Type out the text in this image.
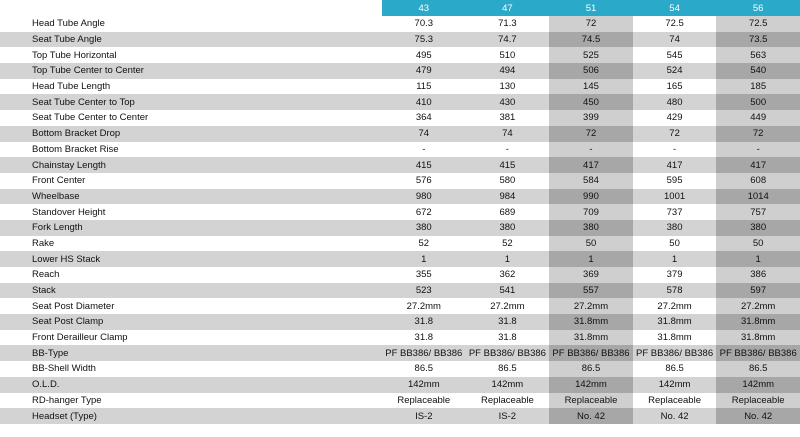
	43	47	51	54	56
Head Tube Angle	70.3	71.3	72	72.5	72.5
Seat Tube Angle	75.3	74.7	74.5	74	73.5
Top Tube Horizontal	495	510	525	545	563
Top Tube Center to Center	479	494	506	524	540
Head Tube Length	115	130	145	165	185
Seat Tube Center to Top	410	430	450	480	500
Seat Tube Center to Center	364	381	399	429	449
Bottom Bracket Drop	74	74	72	72	72
Bottom Bracket Rise	-	-	-	-	-
Chainstay Length	415	415	417	417	417
Front Center	576	580	584	595	608
Wheelbase	980	984	990	1001	1014
Standover Height	672	689	709	737	757
Fork Length	380	380	380	380	380
Rake	52	52	50	50	50
Lower HS Stack	1	1	1	1	1
Reach	355	362	369	379	386
Stack	523	541	557	578	597
Seat Post Diameter	27.2mm	27.2mm	27.2mm	27.2mm	27.2mm
Seat Post Clamp	31.8	31.8	31.8mm	31.8mm	31.8mm
Front Derailleur Clamp	31.8	31.8	31.8mm	31.8mm	31.8mm
BB-Type	PF BB386/ BB386	PF BB386/ BB386	PF BB386/ BB386	PF BB386/ BB386	PF BB386/ BB386
BB-Shell Width	86.5	86.5	86.5	86.5	86.5
O.L.D.	142mm	142mm	142mm	142mm	142mm
RD-hanger Type	Replaceable	Replaceable	Replaceable	Replaceable	Replaceable
Headset (Type)	IS-2	IS-2	No. 42	No. 42	No. 42
